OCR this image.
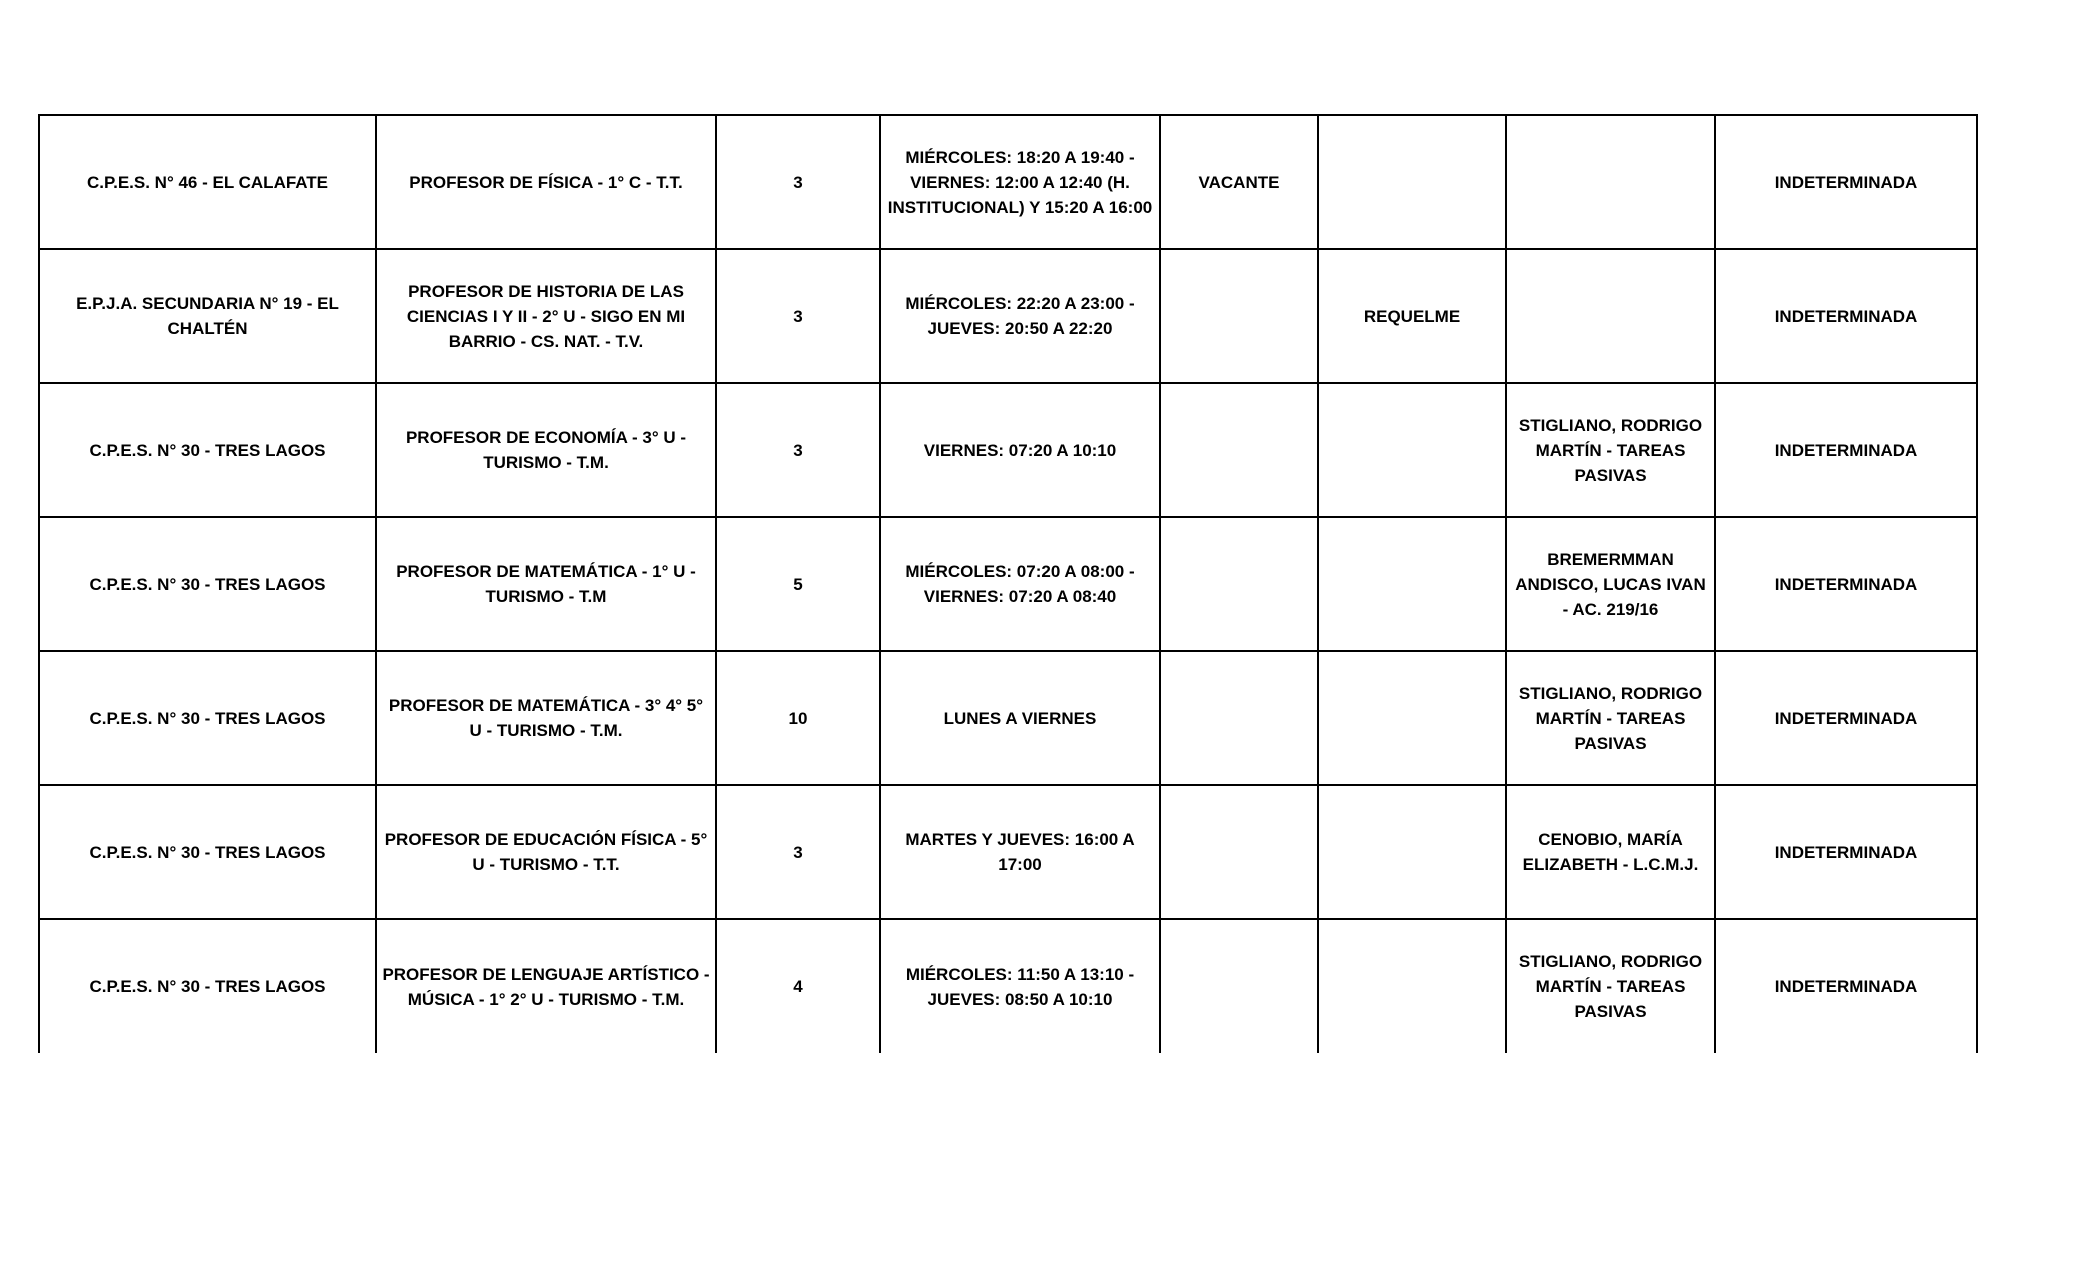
C.P.E.S. N° 46 - EL CALAFATE	PROFESOR DE FÍSICA - 1° C - T.T.	3	MIÉRCOLES: 18:20 A 19:40 - VIERNES: 12:00 A 12:40 (H. INSTITUCIONAL) Y 15:20 A 16:00	VACANTE			INDETERMINADA
E.P.J.A. SECUNDARIA N° 19 - EL CHALTÉN	PROFESOR DE HISTORIA DE LAS CIENCIAS I Y II - 2° U - SIGO EN MI BARRIO - CS. NAT. - T.V.	3	MIÉRCOLES: 22:20 A 23:00 - JUEVES: 20:50 A 22:20		REQUELME		INDETERMINADA
C.P.E.S. N° 30 - TRES LAGOS	PROFESOR DE ECONOMÍA - 3° U - TURISMO - T.M.	3	VIERNES: 07:20 A 10:10			STIGLIANO, RODRIGO MARTÍN - TAREAS PASIVAS	INDETERMINADA
C.P.E.S. N° 30 - TRES LAGOS	PROFESOR DE MATEMÁTICA - 1° U - TURISMO - T.M	5	MIÉRCOLES: 07:20 A 08:00 - VIERNES: 07:20 A 08:40			BREMERMMAN ANDISCO, LUCAS IVAN - AC. 219/16	INDETERMINADA
C.P.E.S. N° 30 - TRES LAGOS	PROFESOR DE MATEMÁTICA - 3° 4° 5° U - TURISMO - T.M.	10	LUNES A VIERNES			STIGLIANO, RODRIGO MARTÍN - TAREAS PASIVAS	INDETERMINADA
C.P.E.S. N° 30 - TRES LAGOS	PROFESOR DE EDUCACIÓN FÍSICA - 5° U - TURISMO - T.T.	3	MARTES Y JUEVES: 16:00 A 17:00			CENOBIO, MARÍA ELIZABETH - L.C.M.J.	INDETERMINADA
C.P.E.S. N° 30 - TRES LAGOS	PROFESOR DE LENGUAJE ARTÍSTICO - MÚSICA - 1° 2° U - TURISMO - T.M.	4	MIÉRCOLES: 11:50 A 13:10 - JUEVES: 08:50 A 10:10			STIGLIANO, RODRIGO MARTÍN - TAREAS PASIVAS	INDETERMINADA
